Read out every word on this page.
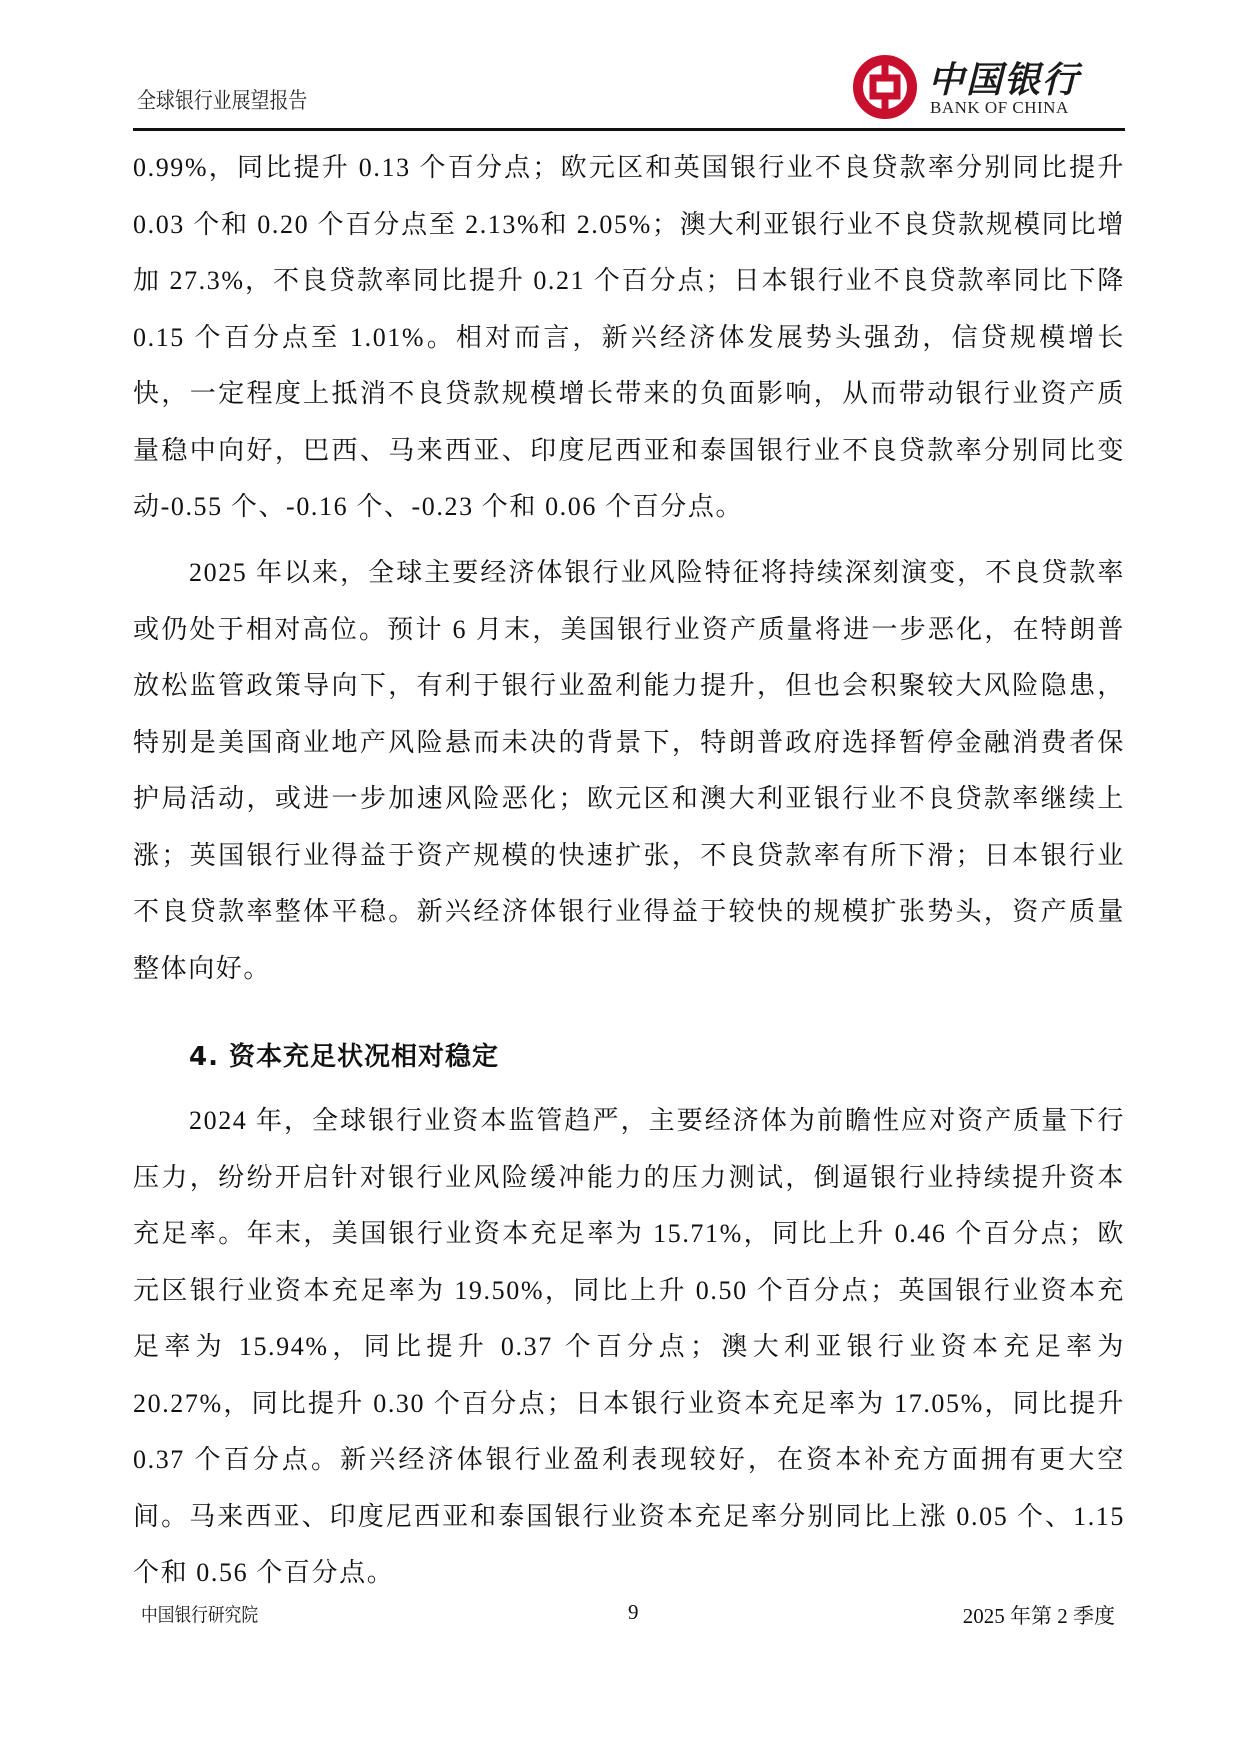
全球银行业展望报告
中国银行
BANK OF CHINA

0.99%，同比提升 0.13 个百分点；欧元区和英国银行业不良贷款率分别同比提升 0.03 个和 0.20 个百分点至 2.13%和 2.05%；澳大利亚银行业不良贷款规模同比增加 27.3%，不良贷款率同比提升 0.21 个百分点；日本银行业不良贷款率同比下降 0.15 个百分点至 1.01%。相对而言，新兴经济体发展势头强劲，信贷规模增长快，一定程度上抵消不良贷款规模增长带来的负面影响，从而带动银行业资产质量稳中向好，巴西、马来西亚、印度尼西亚和泰国银行业不良贷款率分别同比变动-0.55 个、-0.16 个、-0.23 个和 0.06 个百分点。

2025 年以来，全球主要经济体银行业风险特征将持续深刻演变，不良贷款率或仍处于相对高位。预计 6 月末，美国银行业资产质量将进一步恶化，在特朗普放松监管政策导向下，有利于银行业盈利能力提升，但也会积聚较大风险隐患，特别是美国商业地产风险悬而未决的背景下，特朗普政府选择暂停金融消费者保护局活动，或进一步加速风险恶化；欧元区和澳大利亚银行业不良贷款率继续上涨；英国银行业得益于资产规模的快速扩张，不良贷款率有所下滑；日本银行业不良贷款率整体平稳。新兴经济体银行业得益于较快的规模扩张势头，资产质量整体向好。

4. 资本充足状况相对稳定

2024 年，全球银行业资本监管趋严，主要经济体为前瞻性应对资产质量下行压力，纷纷开启针对银行业风险缓冲能力的压力测试，倒逼银行业持续提升资本充足率。年末，美国银行业资本充足率为 15.71%，同比上升 0.46 个百分点；欧元区银行业资本充足率为 19.50%，同比上升 0.50 个百分点；英国银行业资本充足率为 15.94%，同比提升 0.37 个百分点；澳大利亚银行业资本充足率为 20.27%，同比提升 0.30 个百分点；日本银行业资本充足率为 17.05%，同比提升 0.37 个百分点。新兴经济体银行业盈利表现较好，在资本补充方面拥有更大空间。马来西亚、印度尼西亚和泰国银行业资本充足率分别同比上涨 0.05 个、1.15 个和 0.56 个百分点。

中国银行研究院	9	2025 年第 2 季度
